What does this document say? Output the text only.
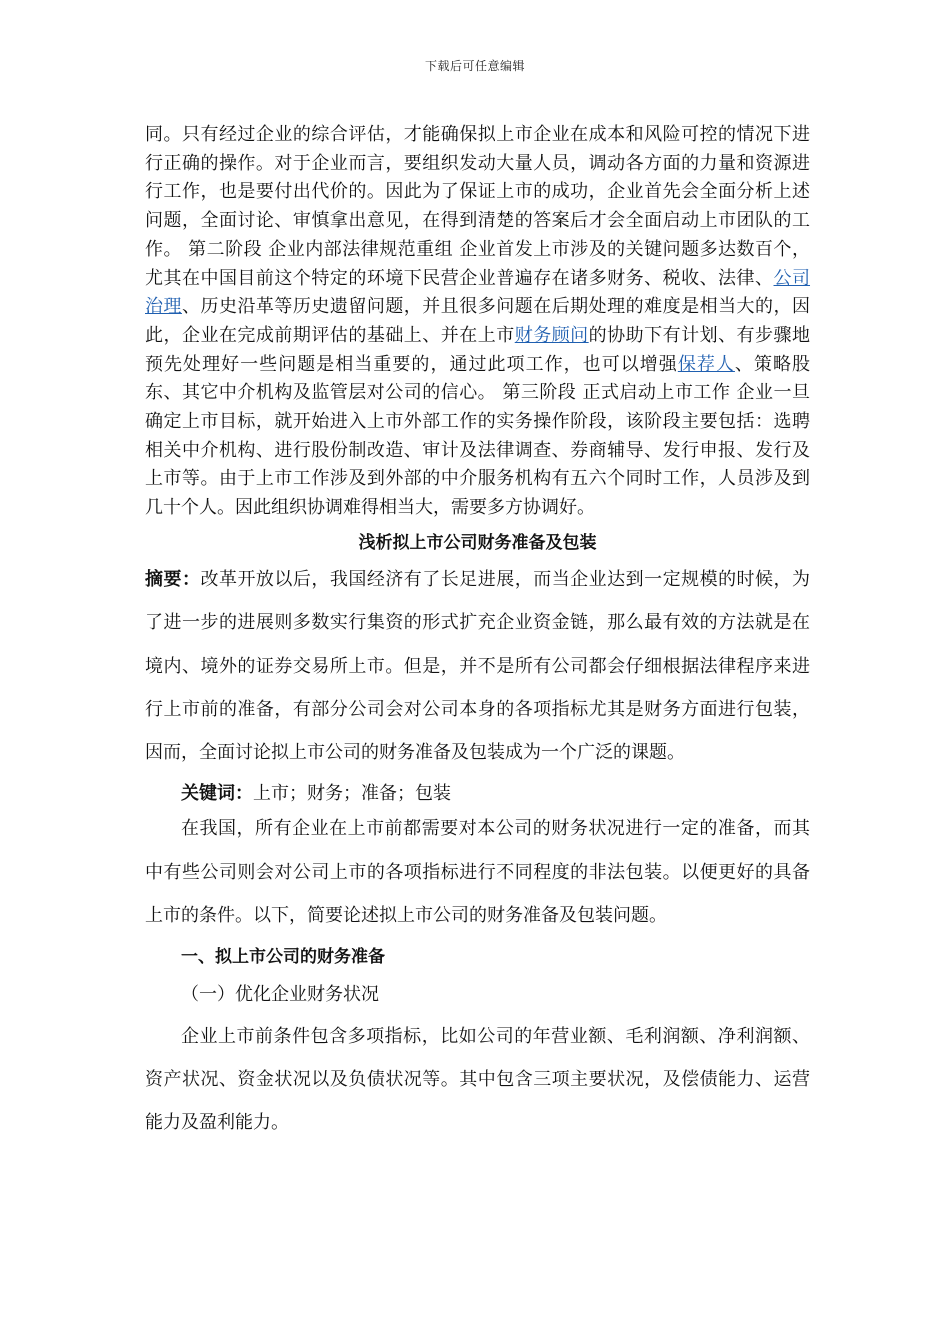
下载后可任意编辑

同。只有经过企业的综合评估，才能确保拟上市企业在成本和风险可控的情况下进行正确的操作。对于企业而言，要组织发动大量人员，调动各方面的力量和资源进行工作，也是要付出代价的。因此为了保证上市的成功，企业首先会全面分析上述问题，全面讨论、审慎拿出意见，在得到清楚的答案后才会全面启动上市团队的工作。 第二阶段 企业内部法律规范重组 企业首发上市涉及的关键问题多达数百个，尤其在中国目前这个特定的环境下民营企业普遍存在诸多财务、税收、法律、公司治理、历史沿革等历史遗留问题，并且很多问题在后期处理的难度是相当大的，因此，企业在完成前期评估的基础上、并在上市财务顾问的协助下有计划、有步骤地预先处理好一些问题是相当重要的，通过此项工作，也可以增强保荐人、策略股东、其它中介机构及监管层对公司的信心。 第三阶段 正式启动上市工作 企业一旦确定上市目标，就开始进入上市外部工作的实务操作阶段，该阶段主要包括：选聘相关中介机构、进行股份制改造、审计及法律调查、券商辅导、发行申报、发行及上市等。由于上市工作涉及到外部的中介服务机构有五六个同时工作，人员涉及到几十个人。因此组织协调难得相当大，需要多方协调好。

浅析拟上市公司财务准备及包装

摘要：改革开放以后，我国经济有了长足进展，而当企业达到一定规模的时候，为了进一步的进展则多数实行集资的形式扩充企业资金链，那么最有效的方法就是在境内、境外的证券交易所上市。但是，并不是所有公司都会仔细根据法律程序来进行上市前的准备，有部分公司会对公司本身的各项指标尤其是财务方面进行包装，因而，全面讨论拟上市公司的财务准备及包装成为一个广泛的课题。

关键词：上市；财务；准备；包装

在我国，所有企业在上市前都需要对本公司的财务状况进行一定的准备，而其中有些公司则会对公司上市的各项指标进行不同程度的非法包装。以便更好的具备上市的条件。以下，简要论述拟上市公司的财务准备及包装问题。

一、拟上市公司的财务准备
（一）优化企业财务状况

企业上市前条件包含多项指标，比如公司的年营业额、毛利润额、净利润额、资产状况、资金状况以及负债状况等。其中包含三项主要状况，及偿债能力、运营能力及盈利能力。
